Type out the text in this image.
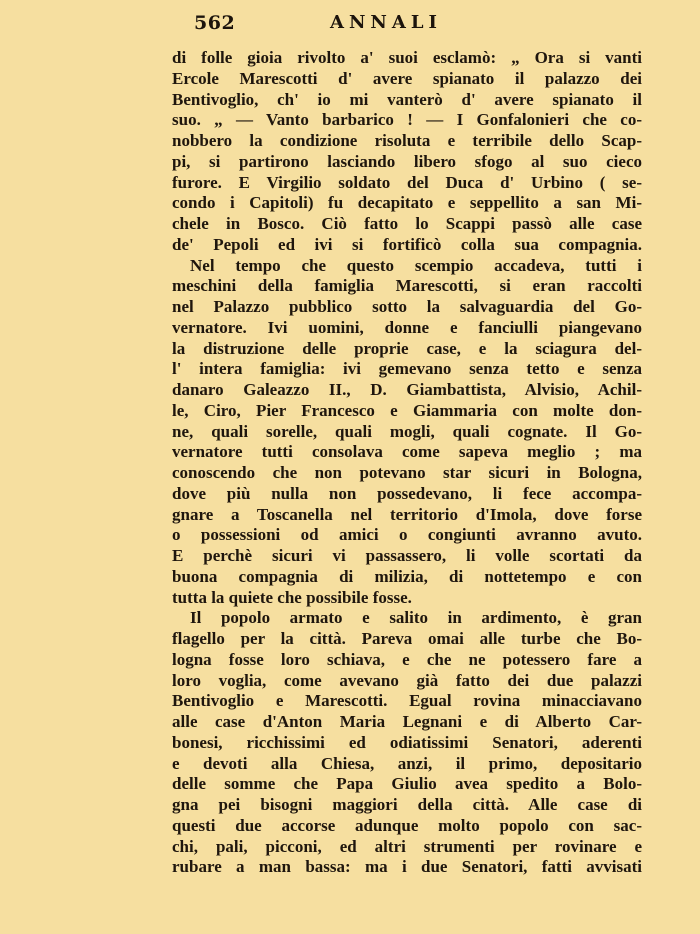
562	ANNALI
di folle gioia rivolto a' suoi esclamò: „ Ora si vanti
Ercole Marescotti d' avere spianato il palazzo dei
Bentivoglio, ch' io mi vanterò d' avere spianato il
suo. „ — Vanto barbarico ! — I Gonfalonieri che co-
nobbero la condizione risoluta e terribile dello Scap-
pi, si partirono lasciando libero sfogo al suo cieco
furore. E Virgilio soldato del Duca d' Urbino ( se-
condo i Capitoli) fu decapitato e seppellito a san Mi-
chele in Bosco. Ciò fatto lo Scappi passò alle case
de' Pepoli ed ivi si fortificò colla sua compagnia.
Nel tempo che questo scempio accadeva, tutti i
meschini della famiglia Marescotti, si eran raccolti
nel Palazzo pubblico sotto la salvaguardia del Go-
vernatore. Ivi uomini, donne e fanciulli piangevano
la distruzione delle proprie case, e la sciagura del-
l' intera famiglia: ivi gemevano senza tetto e senza
danaro Galeazzo II., D. Giambattista, Alvisio, Achil-
le, Ciro, Pier Francesco e Giammaria con molte don-
ne, quali sorelle, quali mogli, quali cognate. Il Go-
vernatore tutti consolava come sapeva meglio ; ma
conoscendo che non potevano star sicuri in Bologna,
dove più nulla non possedevano, li fece accompa-
gnare a Toscanella nel territorio d'Imola, dove forse
o possessioni od amici o congiunti avranno avuto.
E perchè sicuri vi passassero, li volle scortati da
buona compagnia di milizia, di nottetempo e con
tutta la quiete che possibile fosse.
Il popolo armato e salito in ardimento, è gran
flagello per la città. Pareva omai alle turbe che Bo-
logna fosse loro schiava, e che ne potessero fare a
loro voglia, come avevano già fatto dei due palazzi
Bentivoglio e Marescotti. Egual rovina minacciavano
alle case d'Anton Maria Legnani e di Alberto Car-
bonesi, ricchissimi ed odiatissimi Senatori, aderenti
e devoti alla Chiesa, anzi, il primo, depositario
delle somme che Papa Giulio avea spedito a Bolo-
gna pei bisogni maggiori della città. Alle case di
questi due accorse adunque molto popolo con sac-
chi, pali, picconi, ed altri strumenti per rovinare e
rubare a man bassa: ma i due Senatori, fatti avvisati
